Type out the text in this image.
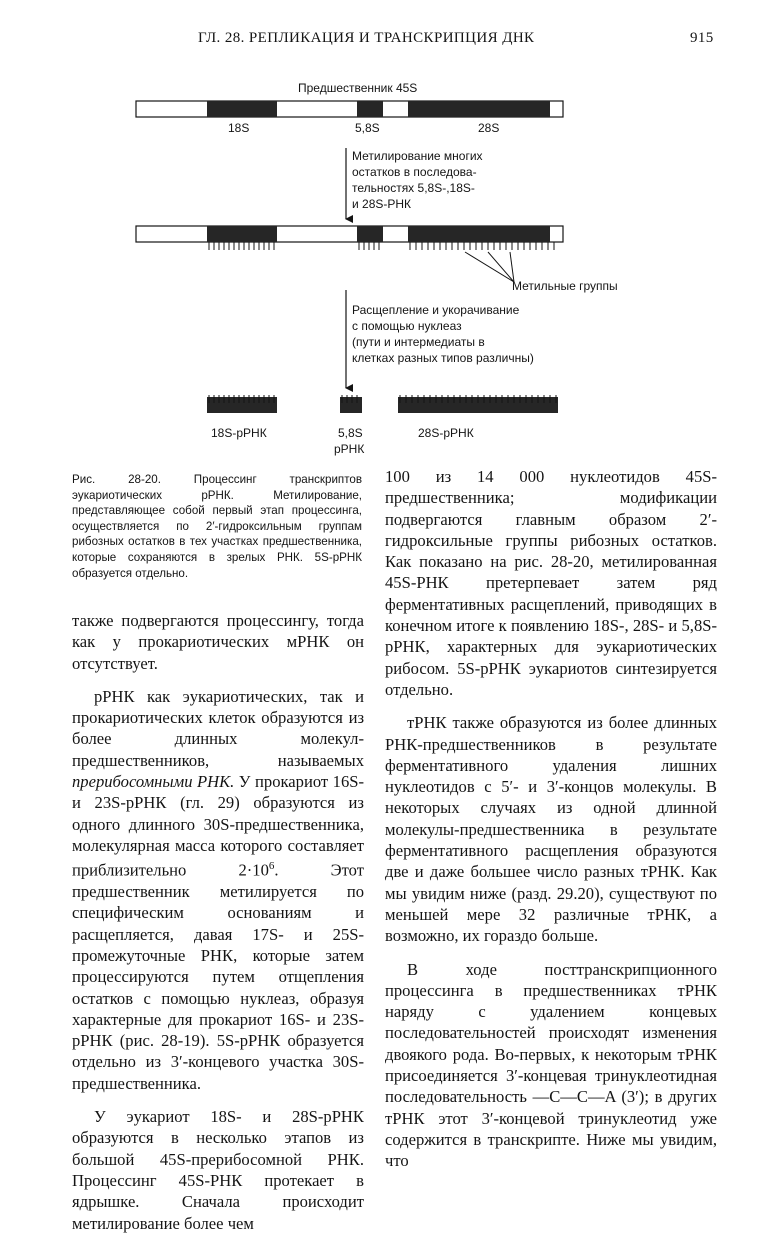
ГЛ. 28. РЕПЛИКАЦИЯ И ТРАНСКРИПЦИЯ ДНК	915
Предшественник 45S
18S	5,8S	28S
Метилирование многих
остатков в последова-
тельностях 5,8S-,18S-
и 28S-РНК
Метильные группы
Расщепление и укорачивание
с помощью нуклеаз
(пути и интермедиаты в
клетках разных типов различны)
18S-рРНК	5,8S
рРНК
28S-рРНК
Рис. 28-20. Процессинг транскриптов эукариотических рРНК. Метилирование, представляющее собой первый этап процессинга, осуществляется по 2′-гидроксильным группам рибозных остатков в тех участках предшественника, которые сохраняются в зрелых РНК. 5S-рРНК образуется отдельно.

также подвергаются процессингу, тогда как у прокариотических мРНК он отсутствует.

рРНК как эукариотических, так и прокариотических клеток образуются из более длинных молекул-предшественников, называемых прерибосомными РНК. У прокариот 16S- и 23S-рРНК (гл. 29) образуются из одного длинного 30S-предшественника, молекулярная масса которого составляет приблизительно $2\cdot 10^6$. Этот предшественник метилируется по специфическим основаниям и расщепляется, давая 17S- и 25S-промежуточные РНК, которые затем процессируются путем отщепления остатков с помощью нуклеаз, образуя характерные для прокариот 16S- и 23S-рРНК (рис. 28-19). 5S-рРНК образуется отдельно из 3′-концевого участка 30S-предшественника.

У эукариот 18S- и 28S-рРНК образуются в несколько этапов из большой 45S-прерибосомной РНК. Процессинг 45S-РНК протекает в ядрышке. Сначала происходит метилирование более чем

100 из 14 000 нуклеотидов 45S-предшественника; модификации подвергаются главным образом 2′-гидроксильные группы рибозных остатков. Как показано на рис. 28-20, метилированная 45S-РНК претерпевает затем ряд ферментативных расщеплений, приводящих в конечном итоге к появлению 18S-, 28S- и 5,8S-рРНК, характерных для эукариотических рибосом. 5S-рРНК эукариотов синтезируется отдельно.

тРНК также образуются из более длинных РНК-предшественников в результате ферментативного удаления лишних нуклеотидов с 5′- и 3′-концов молекулы. В некоторых случаях из одной длинной молекулы-предшественника в результате ферментативного расщепления образуются две и даже большее число разных тРНК. Как мы увидим ниже (разд. 29.20), существуют по меньшей мере 32 различные тРНК, а возможно, их гораздо больше.

В ходе посттранскрипционного процессинга в предшественниках тРНК наряду с удалением концевых последовательностей происходят изменения двоякого рода. Во-первых, к некоторым тРНК присоединяется 3′-концевая тринуклеотидная последовательность —C—C—A (3′); в других тРНК этот 3′-концевой тринуклеотид уже содержится в транскрипте. Ниже мы увидим, что
